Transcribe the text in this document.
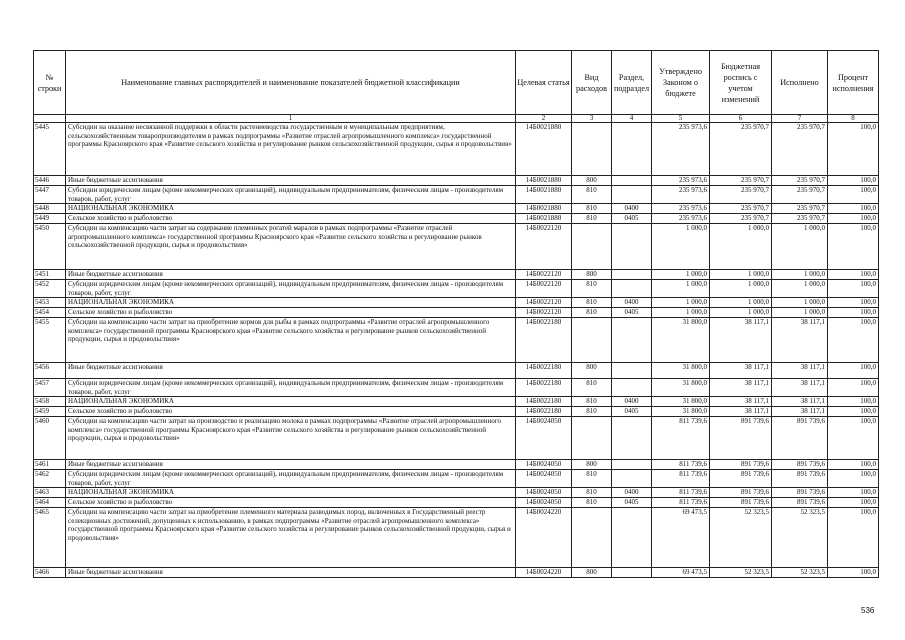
№ строки	Наименование главных распорядителей и наименование показателей бюджетной классификации	Целевая статья	Вид расходов	Раздел, подраздел	Утверждено Законом о бюджете	Бюджетная роспись с учетом изменений	Исполнено	Процент исполнения
	1	2	3	4	5	6	7	8
5445	Субсидии на оказание несвязанной поддержки в области растениеводства государственным и муниципальным предприятиям, сельскохозяйственным товаропроизводителям в рамках подпрограммы «Развитие отраслей агропромышленного комплекса» государственной программы Красноярского края «Развитие сельского хозяйства и регулирование рынков сельскохозяйственной продукции, сырья и продовольствия»	14Б0021880			235 973,6	235 970,7	235 970,7	100,0
5446	Иные бюджетные ассигнования	14Б0021880	800		235 973,6	235 970,7	235 970,7	100,0
5447	Субсидии юридическим лицам (кроме некоммерческих организаций), индивидуальным предпринимателям, физическим лицам - производителям товаров, работ, услуг	14Б0021880	810		235 973,6	235 970,7	235 970,7	100,0
5448	НАЦИОНАЛЬНАЯ ЭКОНОМИКА	14Б0021880	810	0400	235 973,6	235 970,7	235 970,7	100,0
5449	Сельское хозяйство и рыболовство	14Б0021880	810	0405	235 973,6	235 970,7	235 970,7	100,0
5450	Субсидии на компенсацию части затрат на содержание племенных рогатей маралов в рамках подпрограммы «Развитие отраслей агропромышленного комплекса» государственной программы Красноярского края «Развитие сельского хозяйства и регулирование рынков сельскохозяйственной продукции, сырья и продовольствия»	14Б0022120			1 000,0	1 000,0	1 000,0	100,0
5451	Иные бюджетные ассигнования	14Б0022120	800		1 000,0	1 000,0	1 000,0	100,0
5452	Субсидии юридическим лицам (кроме некоммерческих организаций), индивидуальным предпринимателям, физическим лицам - производителям товаров, работ, услуг	14Б0022120	810		1 000,0	1 000,0	1 000,0	100,0
5453	НАЦИОНАЛЬНАЯ ЭКОНОМИКА	14Б0022120	810	0400	1 000,0	1 000,0	1 000,0	100,0
5454	Сельское хозяйство и рыболовство	14Б0022120	810	0405	1 000,0	1 000,0	1 000,0	100,0
5455	Субсидии на компенсацию части затрат на приобретение кормов для рыбы в рамках подпрограммы «Развитие отраслей агропромышленного комплекса» государственной программы Красноярского края «Развитие сельского хозяйства и регулирование рынков сельскохозяйственной продукции, сырья и продовольствия»	14Б0022180			31 800,0	38 117,1	38 117,1	100,0
5456	Иные бюджетные ассигнования	14Б0022180	800		31 800,0	38 117,1	38 117,1	100,0
5457	Субсидии юридическим лицам (кроме некоммерческих организаций), индивидуальным предпринимателям, физическим лицам - производителям товаров, работ, услуг	14Б0022180	810		31 800,0	38 117,1	38 117,1	100,0
5458	НАЦИОНАЛЬНАЯ ЭКОНОМИКА	14Б0022180	810	0400	31 800,0	38 117,1	38 117,1	100,0
5459	Сельское хозяйство и рыболовство	14Б0022180	810	0405	31 800,0	38 117,1	38 117,1	100,0
5460	Субсидии на компенсацию части затрат на производство и реализацию молока в рамках подпрограммы «Развитие отраслей агропромышленного комплекса» государственной программы Красноярского края «Развитие сельского хозяйства и регулирование рынков сельскохозяйственной продукции, сырья и продовольствия»	14Б0024050			811 739,6	891 739,6	891 739,6	100,0
5461	Иные бюджетные ассигнования	14Б0024050	800		811 739,6	891 739,6	891 739,6	100,0
5462	Субсидии юридическим лицам (кроме некоммерческих организаций), индивидуальным предпринимателям, физическим лицам - производителям товаров, работ, услуг	14Б0024050	810		811 739,6	891 739,6	891 739,6	100,0
5463	НАЦИОНАЛЬНАЯ ЭКОНОМИКА	14Б0024050	810	0400	811 739,6	891 739,6	891 739,6	100,0
5464	Сельское хозяйство и рыболовство	14Б0024050	810	0405	811 739,6	891 739,6	891 739,6	100,0
5465	Субсидии на компенсацию части затрат на приобретение племенного материала разводимых пород, включенных в Государственный реестр селекционных достижений, допущенных к использованию, в рамках подпрограммы «Развитие отраслей агропромышленного комплекса» государственной программы Красноярского края «Развитие сельского хозяйства и регулирование рынков сельскохозяйственной продукции, сырья и продовольствия»	14Б0024220			69 473,5	52 323,5	52 323,5	100,0
5466	Иные бюджетные ассигнования	14Б0024220	800		69 473,5	52 323,5	52 323,5	100,0
536
